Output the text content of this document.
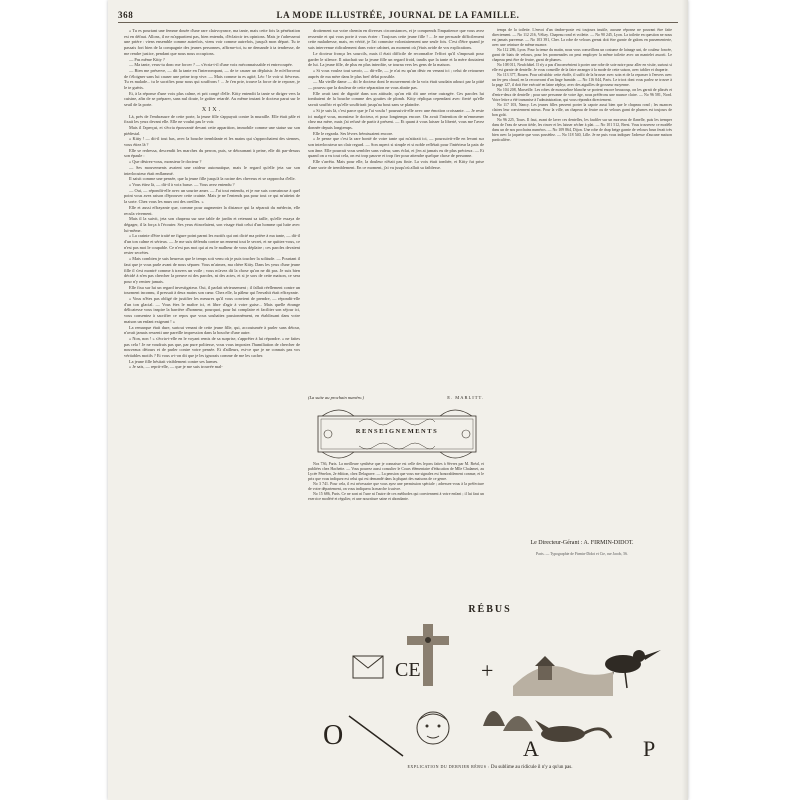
368	LA MODE ILLUSTRÉE, JOURNAL DE LA FAMILLE.

« Tu es pourtant une femme douée d'une rare clairvoyance, ma tante, mais cette fois la pénétration est en défaut. Allons, il ne m'appartient pas, bien entendu, d'éclaircir tes opinions. Mais je t'adresserai une prière : viens ensemble comme autrefois, viens voir comme autrefois, jusqu'à mon départ. Tu te passais fort bien de la compagnie des jeunes personnes, affirme-toi, tu ne demande à ta tendresse, de me rendre justice, pendant que nous nous occupions.

— Pas même Kitty ?

— Ma tante, veux-tu donc me forcer ? — s'écria-t-il d'une voix méconnaissable et entrecoupée.

— Bien me préserve, — dit la tante en l'interrompant, — de te causer un déplaisir. Je m'efforcerai de t'éloigner sans lui causer une peine trop vive. — Mais comme tu es agité, Léo ! le voir si fiévreux. Tu es malade... tu le sacrifies pour nous qui souffrons ! ... Je t'en prie, trouve la force de te reposer, je le te guéris.

Et, à la réponse d'une voix plus calme, et prit congé d'elle. Kitty entendit la tante se diriger vers la cuisine, afin de se préparer, sans nul doute, le goûter retardé. Au même instant le docteur parut sur le seuil de la porte.

XIX.

Là, près de l'embrasure de cette porte, la jeune fille s'appuyait contre la muraille. Elle était pâle et fixait les yeux devant elle. Elle ne voulut pas le voir.

Mais il l'aperçut, et s'écria épouvanté devant cette apparition, immobile comme une statue sur son piédestal.

« Kitty ! — dit-il tout bas, avec la bouche tremblante et les mains qui s'approchaient des siennes, vous étiez là ?

Elle se redressa, descendit les marches du perron, puis, se détournant à peine, elle dit par-dessus son épaule :

« Que désirez-vous, monsieur le docteur ?

— Ses mouvements avaient une raideur automatique, mais le regard qu'elle jeta sur son interlocuteur était enflammé.

Il saisit comme une pensée, que la jeune fille jusqu'à la racine des cheveux et se rapprocha d'elle.

« Vous étiez là, — dit-il à voix basse. — Vous avez entendu ?

— Oui, — répondit-elle avec un sourire amer. — J'ai tout entendu, et je me suis convaincue à quel point vous avez raison d'éprouver cette crainte. Mais je ne l'entends pas pour tout ce qui m'atteint de la sorte. Chez vous les murs ont des oreilles. »

Elle et aussi effrayante que, comme pour augmenter la distance qui la séparait du médecin, elle recula vivement.

Mais il la suivit, jeta son chapeau sur une table de jardin et retenant sa taille, qu'elle essaya de dégager, il la força à l'écouter. Ses yeux étincelaient, son visage était celui d'un homme qui lutte avec lui-même.

« La crainte d'être traité ne figure point parmi les motifs qui ont dicté ma prière à ma tante, — dit-il d'un ton calme et sérieux. — Je me suis défendu contre un ennemi tout le secret, et ne quittez-vous, ce n'est pas moi le coupable. Ce n'est pas moi qui ai eu le malheur de vous déplaire ; ces paroles devaient rester secrètes.

« Mais combien je suis heureux que le temps soit venu où je puis toucher la solitude. — Pourtant il faut que je vous parle avant de nous séparer. Vous m'aimez, ma chère Kitty. Dans les yeux d'une jeune fille il s'est montré comme à travers un voile ; vous m'avez dit la chose qu'on ne dit pas. Je suis bien décidé à n'en pas chercher la preuve ni des paroles, ni des actes, et si je sors de cette maison, ce sera pour n'y rentrer jamais.

Elle fixa sur lui un regard investigateur. Oui, il parlait sérieusement ; il fallait réellement contre un tourment inconnu, il pressait à deux mains son cœur. Chez elle, la pâleur qui l'envahit était effrayante.

« Vous n'êtes pas obligé de justifier les mesures qu'il vous convient de prendre, — répondit-elle d'un ton glacial. — Vous êtes le maître ici, et libre d'agir à votre guise... Mais quelle étrange délicatesse vous inspire la barrière d'honneur, pourquoi, pour lui complaire et faciliter son séjour ici, vous consentez à sacrifier ce repos que vous souhaitez passionnément, en établissant dans votre maison un enfant exigeant ! »

La remarque était dure, surtout venant de cette jeune fille, qui, accoutumée à parler sans détour, n'avait jamais ressenti une pareille impression dans la bouche d'une autre.

« Non, non ! » s'écria-t-elle en le voyant remis de sa surprise, s'apprêter à lui répondre. « ne faites pas cela ! Je ne voudrais pas que, par pure politesse, vous vous imposiez l'humiliation de chercher de nouveaux détours et de parler contre votre pensée. Et d'ailleurs, est-ce que je ne connais pas vos véritables motifs ? Et vous a-t-on dit que je les ignorais comme de me les cacher.

La jeune fille hésitait visiblement contre ses larmes.

« Je sais, — reprit-elle, — que je me suis trouvée mal-

droitement sur votre chemin en diverses circonstances, et je comprends l'impatience que vous avez ressentie et qui vous porte à vous écrier : Toujours cette jeune fille ! ... Je me persuade difficilement cette maladresse, mais, en vérité, je l'ai commise volontairement une seule fois. C'est d'être quand je suis intervenue ridiculement dans votre cabinet, au moment où j'étais avide de vos explications.

Le docteur fronça les sourcils, mais il était difficile de reconnaître l'effort qu'il s'imposait pour garder le silence. Il attachait sur la jeune fille un regard froid, tandis que la tante et la mère doutaient de lui. La jeune fille, de plus en plus interdite, se tourna vers les gens de la maison.

« Si vous voulez tout savoir, — dit-elle, — je n'ai eu qu'un désir en venant ici ; celui de retourner auprès de ma mère dans le plus bref délai possible.

— Ma vieille dame — dit le docteur dont le mouvement de la voix était soudain adouci par la pitié — pourvu que la douleur de cette séparation ne vous abatte pas.

Elle avait tant de dignité dans son attitude, qu'on eût dit une reine outragée. Ces paroles lui tombaient de la bouche comme des gouttes de plomb. Kitty répliqua cependant avec fierté qu'elle savait souffrir et qu'elle souffrirait jusqu'au bout sans se plaindre.

« Si je suis là, c'est parce que je l'ai voulu ! poursuivit-elle avec une émotion croissante. — Je reste ici malgré vous, monsieur le docteur, et pour longtemps encore. On avait l'intention de m'emmener chez ma mère, mais j'ai refusé de partir à présent. — Et quant à vous laisser la liberté, vous me l'avez donnée depuis longtemps.

Elle le regarda. Ses lèvres frémissaient encore.

« Je pense que c'est la rare bonté de votre tante qui m'attirait ici, — poursuivit-elle en levant sur son interlocuteur un clair regard. — Son aspect si simple et si noble reflétait pour l'intérieur la paix de son âme. Elle pourrait vous sembler sans valeur, sans éclat, et j'en ai jamais eu de plus précieux. — Et quand on a vu tout cela, on est trop pauvre et trop fier pour attendre quelque chose de personne.

Elle s'arrêta. Mais pour elle, la douleur n'était pas finie. La voix était tombée, et Kitty fut prise d'une sorte de tremblement. En ce moment, j'ai vu jusqu'où allait sa faiblesse.

(La suite au prochain numéro.)	E. MARLITT.
RENSEIGNEMENTS

Nos 736, Paris. La meilleure synthèse que je connaisse est celle des leçons faites à Sèvres par M. Bréal, et publiées chez Hachette. — Vous pourrez aussi consulter le Cours élémentaire d'éducation de Mlle Chalamet, au Lycée Fénelon, 2e édition, chez Delagrave. — La pension que vous me signalez est honorablement connue, et le prix que vous indiquez est celui qui est demandé dans la plupart des maisons de ce genre.

No 3 741. Pour cela, il est nécessaire que vous ayez une permission spéciale ; adressez-vous à la préfecture de votre département, on vous indiquera la marche à suivre.

No 15 686, Paris. Ce ne sont ni l'une ni l'autre de ces méthodes qui conviennent à votre enfant ; il lui faut un exercice modéré et régulier, et une nourriture saine et abondante.

temps de la toilette. L'envoi d'un timbre-poste est toujours inutile, aucune réponse ne pouvant être faite directement. — No 112 216, Vélizy. Chapeau rond et voilette. — No 90 245, Lyon. La toilette en question ne nous est jamais parvenue. — No 103 391, Cher. La robe de velours grenat doit être garnie de galons en passementerie, avec une ceinture de même nuance.

No 112 286, Lyon. Pour la tenue du matin, nous vous conseillons un costume de lainage uni, de couleur foncée, garni de biais de velours, pour les promenades on peut employer la même toilette avec un mantelet assorti. Le chapeau peut être de feutre, garni de plumes.

No 108 011, Neufchâtel. Il n'y a pas d'inconvénient à porter une robe de soie noire pour aller en visite, surtout si elle est garnie de dentelle. Je vous conseille de la faire arranger à la mode de cette saison, avec tablier et draperie.

No 113 377, Rouen. Pour rafraîchir cette étoffe, il suffit de la brosser avec soin et de la repasser à l'envers avec un fer peu chaud, en la recouvrant d'un linge humide. — No 116 044, Paris. Le tricot dont vous parlez se trouve à la page 127, il doit être exécuté en laine zéphyr, avec des aiguilles de grosseur moyenne.

No 104 208, Marseille. Les robes de mousseline blanche se portent encore beaucoup, on les garnit de plissés et d'entre-deux de dentelle ; pour une personne de votre âge, nous préférons une nuance claire. — No 96 581, Nord. Votre lettre a été transmise à l'administration, qui vous répondra directement.

No 117 103, Nancy. Les jeunes filles peuvent porter la capote aussi bien que le chapeau rond ; les nuances claires leur conviennent mieux. Pour la ville, un chapeau de feutre ou de velours garni de plumes est toujours de bon goût.

No 96 225, Tours. Il faut, avant de laver ces dentelles, les faufiler sur un morceau de flanelle, puis les tremper dans de l'eau de savon tiède, les rincer et les laisser sécher à plat. — No 101 512, Brest. Vous trouverez ce modèle dans un de nos prochains numéros. — No 109 864, Dijon. Une robe de drap beige garnie de velours brun ferait très bien avec la jaquette que vous possédez. — No 118 540, Lille. Je ne puis vous indiquer l'adresse d'aucune maison particulière.

Le Directeur-Gérant : A. FIRMIN-DIDOT.
Paris. — Typographie de Firmin-Didot et Cie, rue Jacob, 56.
RÉBUS
CE	+
O	A	P
EXPLICATION DU DERNIER RÉBUS : Du sublime au ridicule il n'y a qu'un pas.
